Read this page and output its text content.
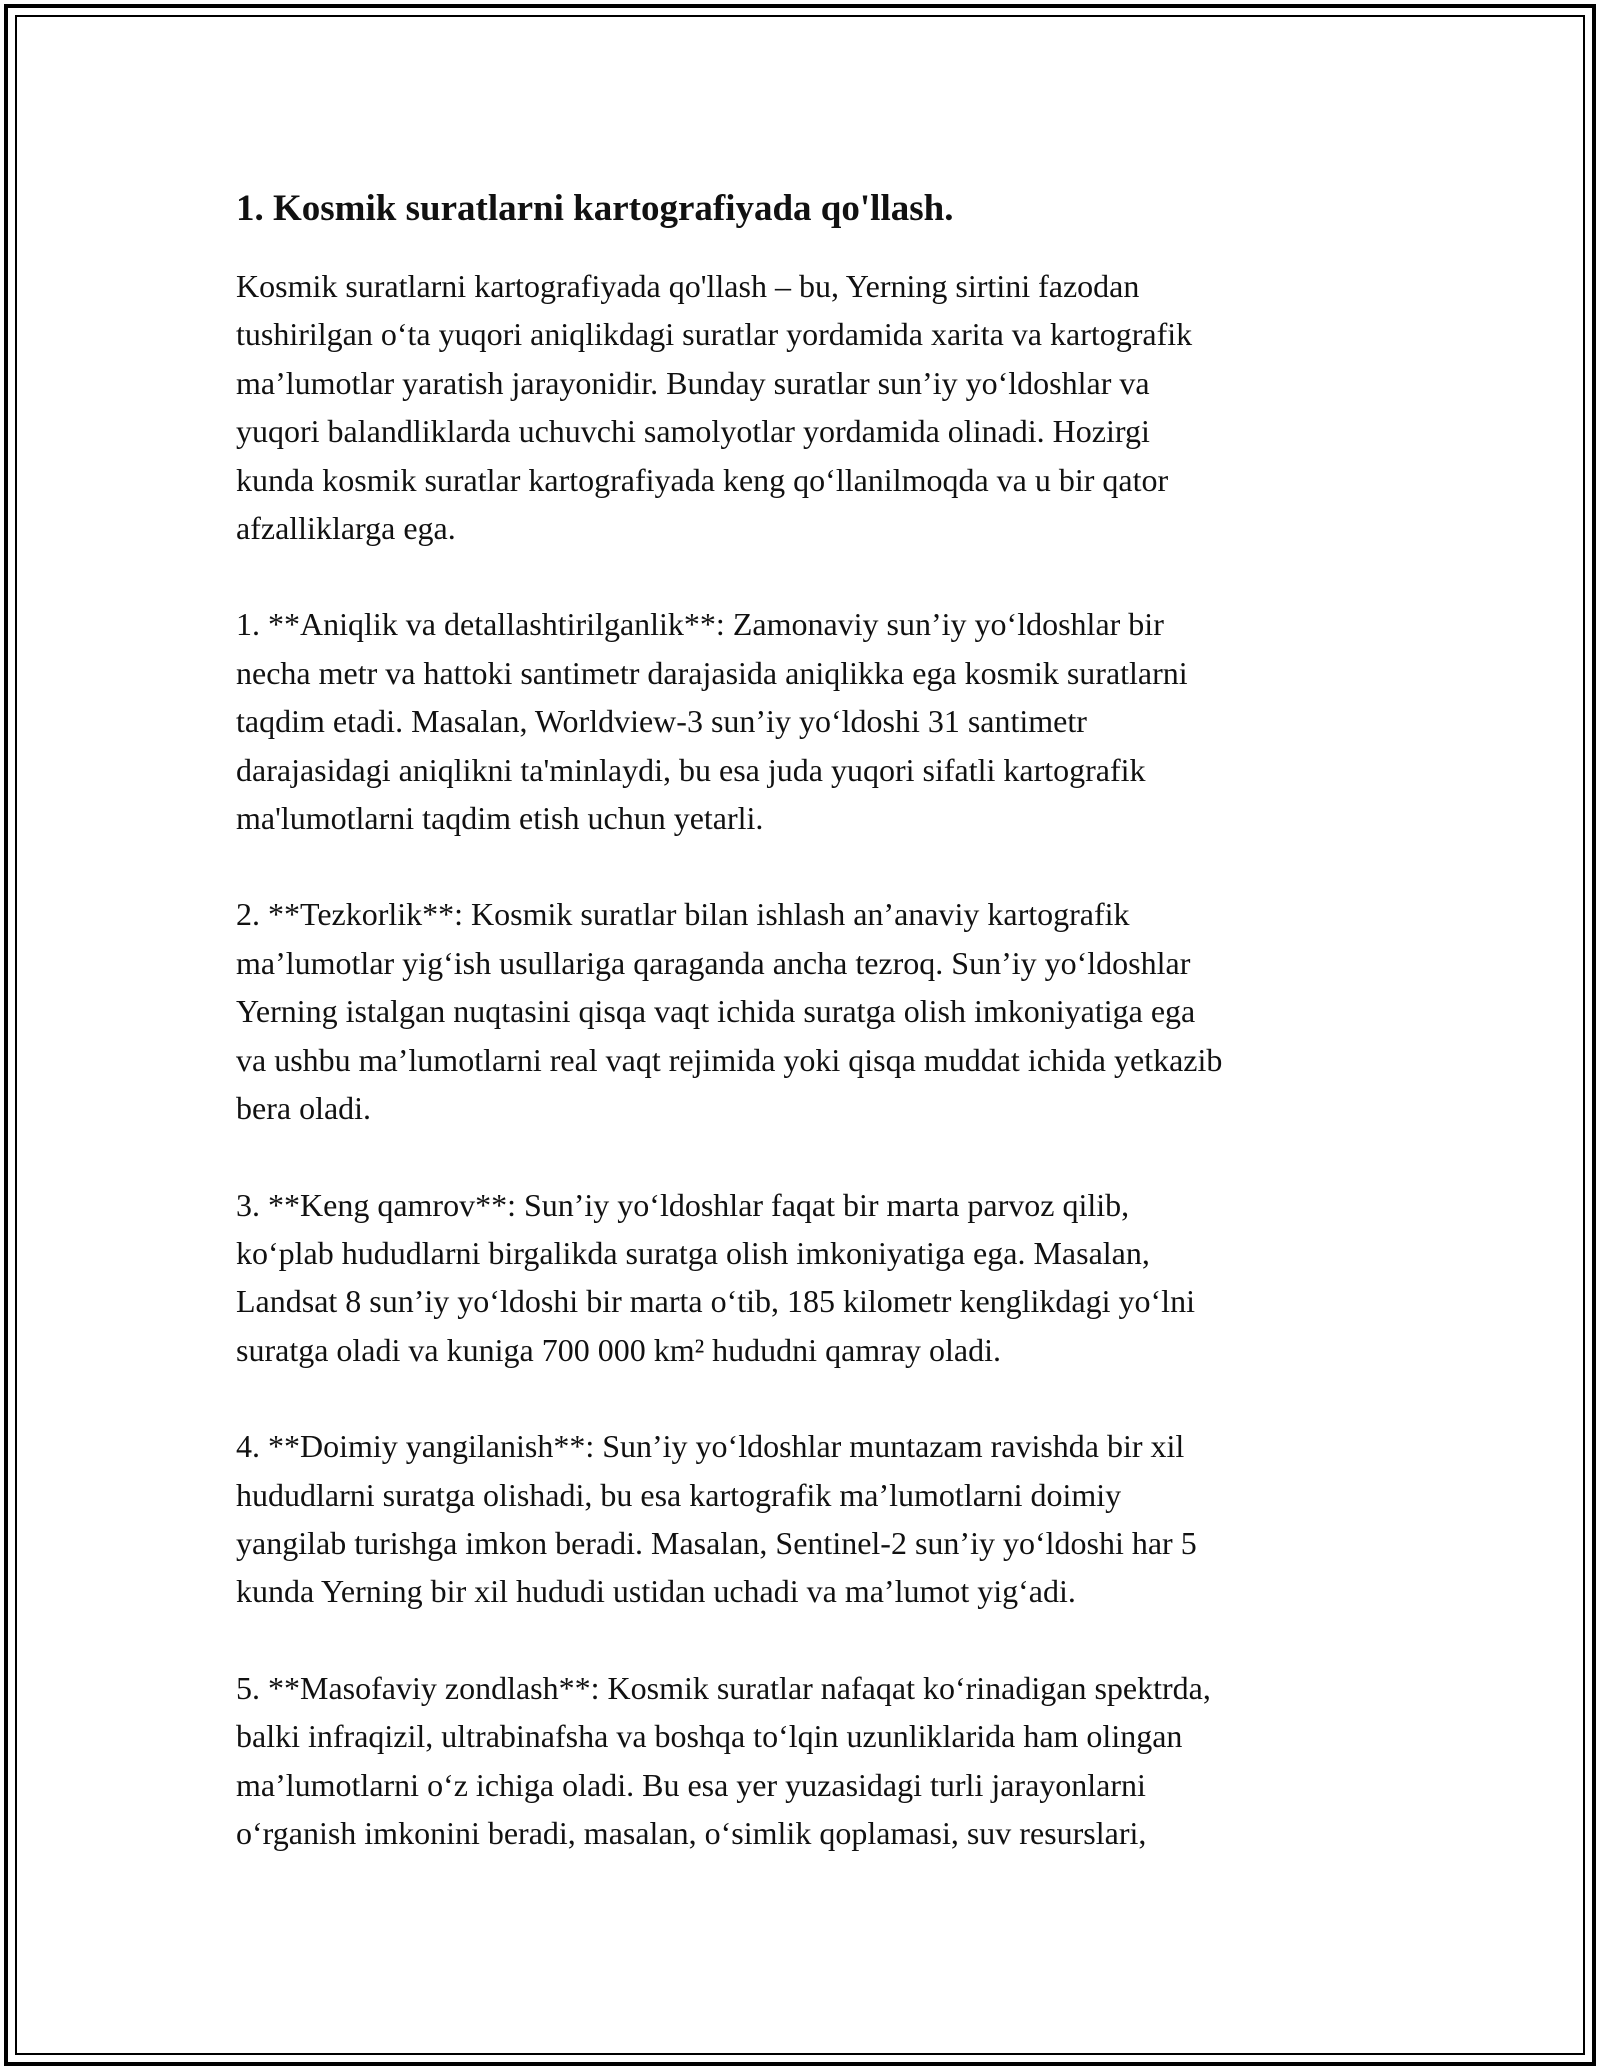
1. Kosmik suratlarni kartografiyada qo'llash.

Kosmik suratlarni kartografiyada qo'llash – bu, Yerning sirtini fazodan
tushirilgan o‘ta yuqori aniqlikdagi suratlar yordamida xarita va kartografik
ma’lumotlar yaratish jarayonidir. Bunday suratlar sun’iy yo‘ldoshlar va
yuqori balandliklarda uchuvchi samolyotlar yordamida olinadi. Hozirgi
kunda kosmik suratlar kartografiyada keng qo‘llanilmoqda va u bir qator
afzalliklarga ega.

1. **Aniqlik va detallashtirilganlik**: Zamonaviy sun’iy yo‘ldoshlar bir
necha metr va hattoki santimetr darajasida aniqlikka ega kosmik suratlarni
taqdim etadi. Masalan, Worldview-3 sun’iy yo‘ldoshi 31 santimetr
darajasidagi aniqlikni ta'minlaydi, bu esa juda yuqori sifatli kartografik
ma'lumotlarni taqdim etish uchun yetarli.

2. **Tezkorlik**: Kosmik suratlar bilan ishlash an’anaviy kartografik
ma’lumotlar yig‘ish usullariga qaraganda ancha tezroq. Sun’iy yo‘ldoshlar
Yerning istalgan nuqtasini qisqa vaqt ichida suratga olish imkoniyatiga ega
va ushbu ma’lumotlarni real vaqt rejimida yoki qisqa muddat ichida yetkazib
bera oladi.

3. **Keng qamrov**: Sun’iy yo‘ldoshlar faqat bir marta parvoz qilib,
ko‘plab hududlarni birgalikda suratga olish imkoniyatiga ega. Masalan,
Landsat 8 sun’iy yo‘ldoshi bir marta o‘tib, 185 kilometr kenglikdagi yo‘lni
suratga oladi va kuniga 700 000 km² hududni qamray oladi.

4. **Doimiy yangilanish**: Sun’iy yo‘ldoshlar muntazam ravishda bir xil
hududlarni suratga olishadi, bu esa kartografik ma’lumotlarni doimiy
yangilab turishga imkon beradi. Masalan, Sentinel-2 sun’iy yo‘ldoshi har 5
kunda Yerning bir xil hududi ustidan uchadi va ma’lumot yig‘adi.

5. **Masofaviy zondlash**: Kosmik suratlar nafaqat ko‘rinadigan spektrda,
balki infraqizil, ultrabinafsha va boshqa to‘lqin uzunliklarida ham olingan
ma’lumotlarni o‘z ichiga oladi. Bu esa yer yuzasidagi turli jarayonlarni
o‘rganish imkonini beradi, masalan, o‘simlik qoplamasi, suv resurslari,
